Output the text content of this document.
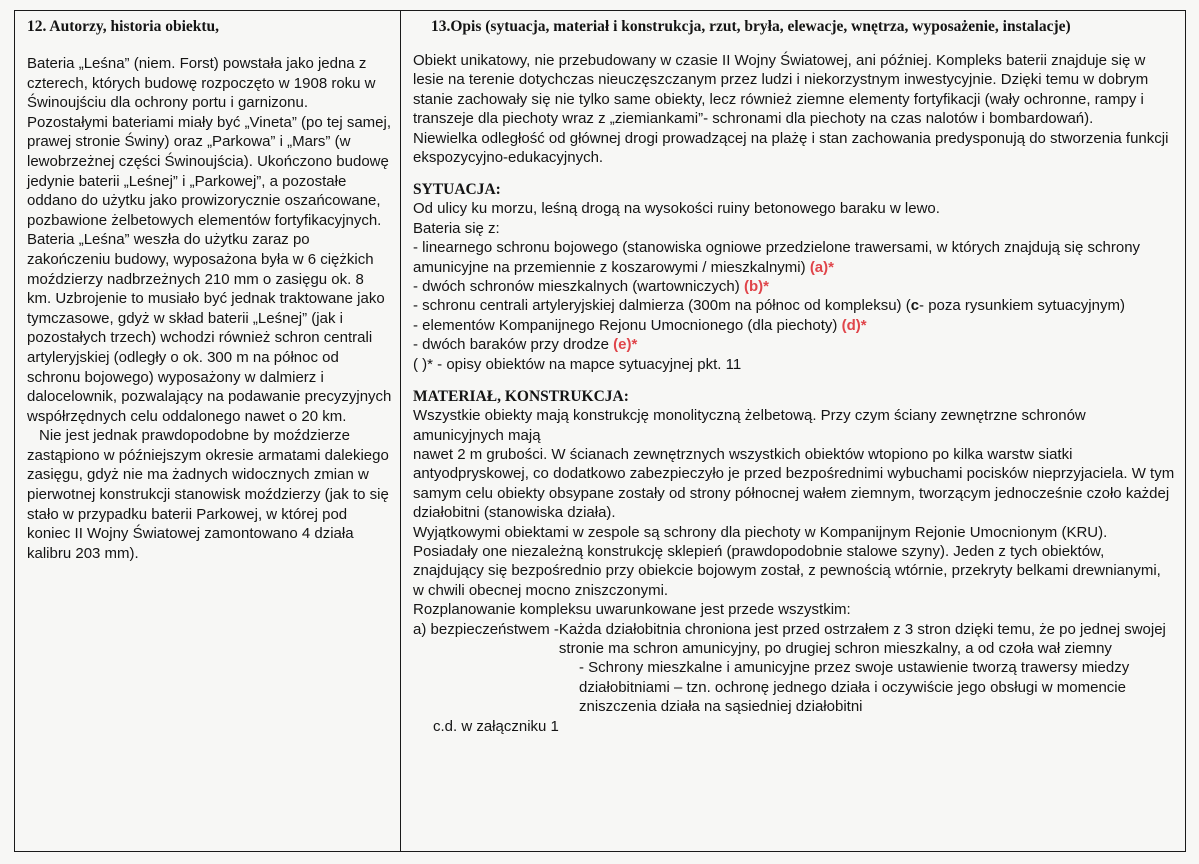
12. Autorzy, historia obiektu,

Bateria „Leśna” (niem. Forst) powstała jako jedna z czterech, których budowę rozpoczęto w 1908 roku w Świnoujściu dla ochrony portu i garnizonu. Pozostałymi bateriami miały być „Vineta” (po tej samej, prawej stronie Świny) oraz „Parkowa” i „Mars” (w lewobrzeżnej części Świnoujścia). Ukończono budowę jedynie baterii „Leśnej” i „Parkowej”, a pozostałe oddano do użytku jako prowizorycznie oszańcowane, pozbawione żelbetowych elementów fortyfikacyjnych.

Bateria „Leśna” weszła do użytku zaraz po zakończeniu budowy, wyposażona była w 6 ciężkich moździerzy nadbrzeżnych 210 mm o zasięgu ok. 8 km. Uzbrojenie to musiało być jednak traktowane jako tymczasowe, gdyż w skład baterii „Leśnej” (jak i pozostałych trzech) wchodzi również schron centrali artyleryjskiej (odległy o ok. 300 m na północ od schronu bojowego) wyposażony w dalmierz i dalocelownik, pozwalający na podawanie precyzyjnych współrzędnych celu oddalonego nawet o 20 km.

Nie jest jednak prawdopodobne by moździerze zastąpiono w późniejszym okresie armatami dalekiego zasięgu, gdyż nie ma żadnych widocznych zmian w pierwotnej konstrukcji stanowisk moździerzy (jak to się stało w przypadku baterii Parkowej, w której pod koniec II Wojny Światowej zamontowano 4 działa kalibru 203 mm).

13.Opis (sytuacja, materiał i konstrukcja, rzut, bryła, elewacje, wnętrza, wyposażenie, instalacje)

Obiekt unikatowy, nie przebudowany w czasie II Wojny Światowej, ani później. Kompleks baterii znajduje się w lesie na terenie dotychczas nieuczęszczanym przez ludzi i niekorzystnym inwestycyjnie. Dzięki temu w dobrym stanie zachowały się nie tylko same obiekty, lecz również ziemne elementy fortyfikacji (wały ochronne, rampy i transzeje dla piechoty wraz z „ziemiankami”- schronami dla piechoty na czas nalotów i bombardowań).

Niewielka odległość od głównej drogi prowadzącej na plażę i stan zachowania predysponują do stworzenia funkcji ekspozycyjno-edukacyjnych.

SYTUACJA:

Od ulicy ku morzu, leśną drogą na wysokości ruiny betonowego baraku w lewo.

Bateria się z:

- linearnego schronu bojowego (stanowiska ogniowe przedzielone trawersami, w których znajdują się schrony amunicyjne na przemiennie z koszarowymi / mieszkalnymi) (a)*

- dwóch schronów mieszkalnych (wartowniczych) (b)*

- schronu centrali artyleryjskiej dalmierza (300m na północ od kompleksu) (c- poza rysunkiem sytuacyjnym)

- elementów Kompanijnego Rejonu Umocnionego (dla piechoty) (d)*

- dwóch baraków przy drodze (e)*

( )* - opisy obiektów na mapce sytuacyjnej pkt. 11

MATERIAŁ, KONSTRUKCJA:

Wszystkie obiekty mają konstrukcję monolityczną żelbetową. Przy czym ściany zewnętrzne schronów amunicyjnych mają

nawet 2 m grubości. W ścianach zewnętrznych wszystkich obiektów wtopiono po kilka warstw siatki antyodpryskowej, co dodatkowo zabezpieczyło je przed bezpośrednimi wybuchami pocisków nieprzyjaciela. W tym samym celu obiekty obsypane zostały od strony północnej wałem ziemnym, tworzącym jednocześnie czoło każdej działobitni (stanowiska działa).

Wyjątkowymi obiektami w zespole są schrony dla piechoty w Kompanijnym Rejonie Umocnionym (KRU). Posiadały one niezależną konstrukcję sklepień (prawdopodobnie stalowe szyny). Jeden z tych obiektów, znajdujący się bezpośrednio przy obiekcie bojowym został, z pewnością wtórnie, przekryty belkami drewnianymi, w chwili obecnej mocno zniszczonymi.

Rozplanowanie kompleksu uwarunkowane jest przede wszystkim:

a) bezpieczeństwem - Każda działobitnia chroniona jest przed ostrzałem z 3 stron dzięki temu, że po jednej swojej stronie ma schron amunicyjny, po drugiej schron mieszkalny, a od czoła wał ziemny

- Schrony mieszkalne i amunicyjne przez swoje ustawienie tworzą trawersy miedzy działobitniami – tzn. ochronę jednego działa i oczywiście jego obsługi w momencie zniszczenia działa na sąsiedniej działobitni

c.d. w załączniku 1
